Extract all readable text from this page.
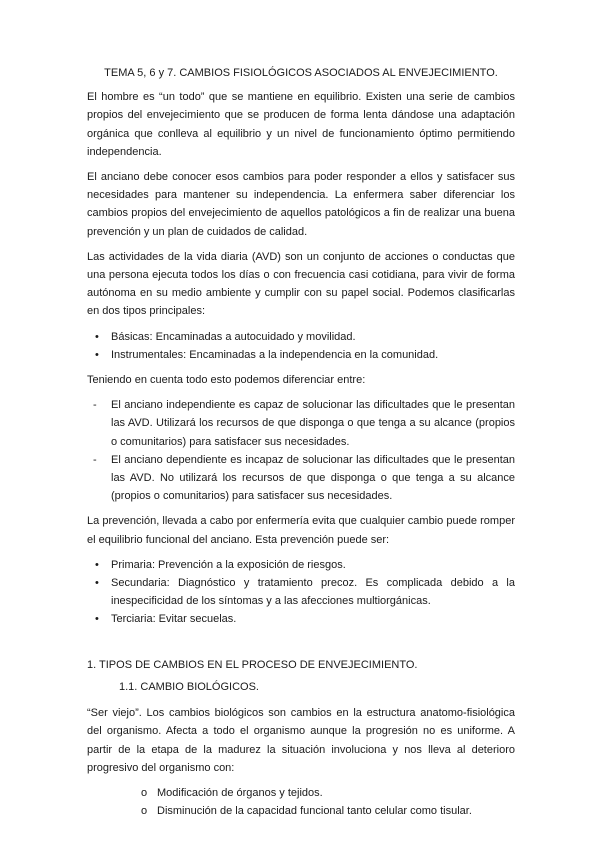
TEMA 5, 6 y 7. CAMBIOS FISIOLÓGICOS ASOCIADOS AL ENVEJECIMIENTO.

El hombre es “un todo” que se mantiene en equilibrio. Existen una serie de cambios propios del envejecimiento que se producen de forma lenta dándose una adaptación orgánica que conlleva al equilibrio y un nivel de funcionamiento óptimo permitiendo independencia.

El anciano debe conocer esos cambios para poder responder a ellos y satisfacer sus necesidades para mantener su independencia. La enfermera saber diferenciar los cambios propios del envejecimiento de aquellos patológicos a fin de realizar una buena prevención y un plan de cuidados de calidad.

Las actividades de la vida diaria (AVD) son un conjunto de acciones o conductas que una persona ejecuta todos los días o con frecuencia casi cotidiana, para vivir de forma autónoma en su medio ambiente y cumplir con su papel social. Podemos clasificarlas en dos tipos principales:

• Básicas: Encaminadas a autocuidado y movilidad.
• Instrumentales: Encaminadas a la independencia en la comunidad.

Teniendo en cuenta todo esto podemos diferenciar entre:

- El anciano independiente es capaz de solucionar las dificultades que le presentan las AVD. Utilizará los recursos de que disponga o que tenga a su alcance (propios o comunitarios) para satisfacer sus necesidades.
- El anciano dependiente es incapaz de solucionar las dificultades que le presentan las AVD. No utilizará los recursos de que disponga o que tenga a su alcance (propios o comunitarios) para satisfacer sus necesidades.

La prevención, llevada a cabo por enfermería evita que cualquier cambio puede romper el equilibrio funcional del anciano. Esta prevención puede ser:

• Primaria: Prevención a la exposición de riesgos.
• Secundaria: Diagnóstico y tratamiento precoz. Es complicada debido a la inespecificidad de los síntomas y a las afecciones multiorgánicas.
• Terciaria: Evitar secuelas.
1. TIPOS DE CAMBIOS EN EL PROCESO DE ENVEJECIMIENTO.
1.1. CAMBIO BIOLÓGICOS.

“Ser viejo”. Los cambios biológicos son cambios en la estructura anatomo-fisiológica del organismo. Afecta a todo el organismo aunque la progresión no es uniforme. A partir de la etapa de la madurez la situación involuciona y nos lleva al deterioro progresivo del organismo con:

o Modificación de órganos y tejidos.
o Disminución de la capacidad funcional tanto celular como tisular.
